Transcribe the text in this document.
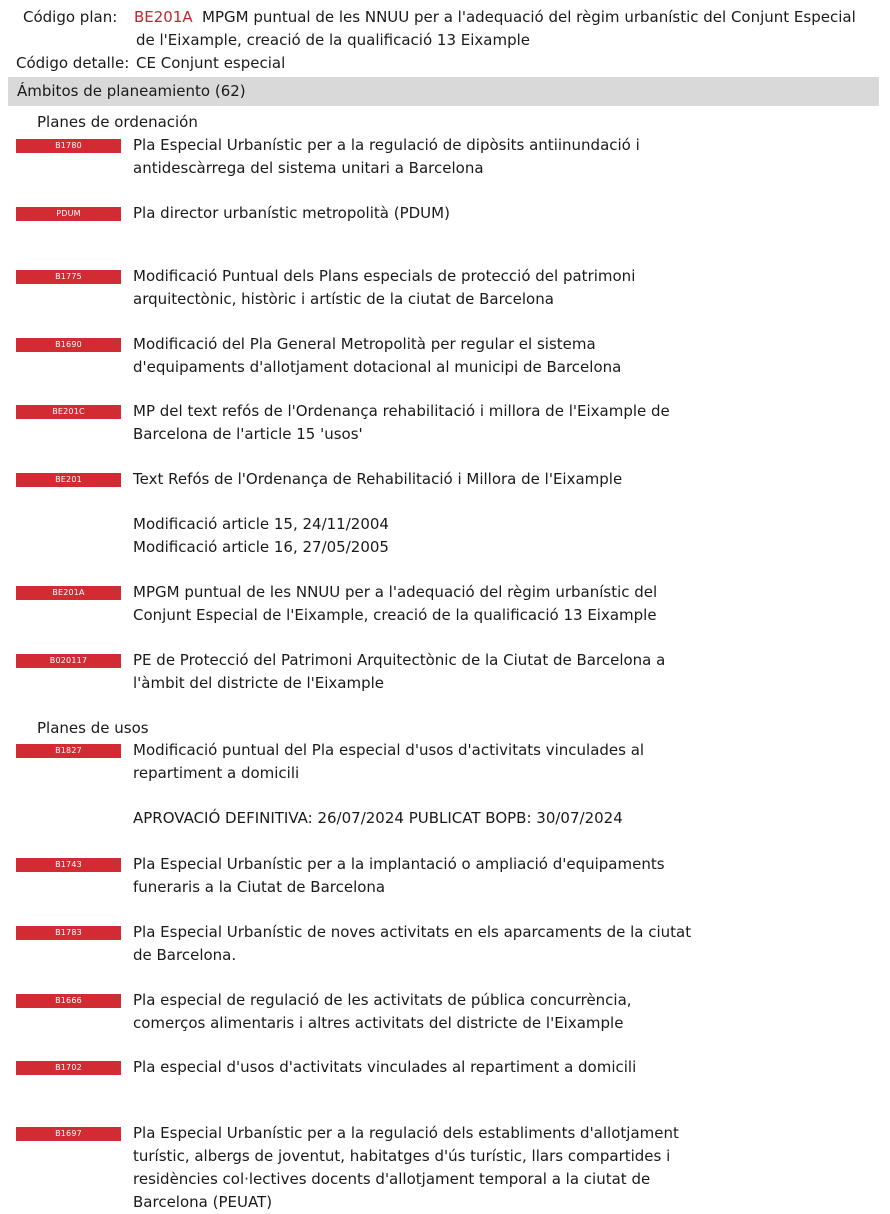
Código plan: BE201A MPGM puntual de les NNUU per a l'adequació del règim urbanístic del Conjunt Especial
de l'Eixample, creació de la qualificació 13 Eixample
Código detalle: CE Conjunt especial
Ámbitos de planeamiento (62)
Planes de ordenación
B1780	Pla Especial Urbanístic per a la regulació de dipòsits antiinundació i
antidescàrrega del sistema unitari a Barcelona
PDUM	Pla director urbanístic metropolità (PDUM)
B1775	Modificació Puntual dels Plans especials de protecció del patrimoni
arquitectònic, històric i artístic de la ciutat de Barcelona
B1690	Modificació del Pla General Metropolità per regular el sistema
d'equipaments d'allotjament dotacional al municipi de Barcelona
BE201C	MP del text refós de l'Ordenança rehabilitació i millora de l'Eixample de
Barcelona de l'article 15 'usos'
BE201	Text Refós de l'Ordenança de Rehabilitació i Millora de l'Eixample
Modificació article 15, 24/11/2004
Modificació article 16, 27/05/2005
BE201A	MPGM puntual de les NNUU per a l'adequació del règim urbanístic del
Conjunt Especial de l'Eixample, creació de la qualificació 13 Eixample
B020117	PE de Protecció del Patrimoni Arquitectònic de la Ciutat de Barcelona a
l'àmbit del districte de l'Eixample
Planes de usos
B1827	Modificació puntual del Pla especial d'usos d'activitats vinculades al
repartiment a domicili
APROVACIÓ DEFINITIVA: 26/07/2024 PUBLICAT BOPB: 30/07/2024
B1743	Pla Especial Urbanístic per a la implantació o ampliació d'equipaments
funeraris a la Ciutat de Barcelona
B1783	Pla Especial Urbanístic de noves activitats en els aparcaments de la ciutat
de Barcelona.
B1666	Pla especial de regulació de les activitats de pública concurrència,
comerços alimentaris i altres activitats del districte de l'Eixample
B1702	Pla especial d'usos d'activitats vinculades al repartiment a domicili
B1697	Pla Especial Urbanístic per a la regulació dels establiments d'allotjament
turístic, albergs de joventut, habitatges d'ús turístic, llars compartides i
residències col·lectives docents d'allotjament temporal a la ciutat de
Barcelona (PEUAT)
